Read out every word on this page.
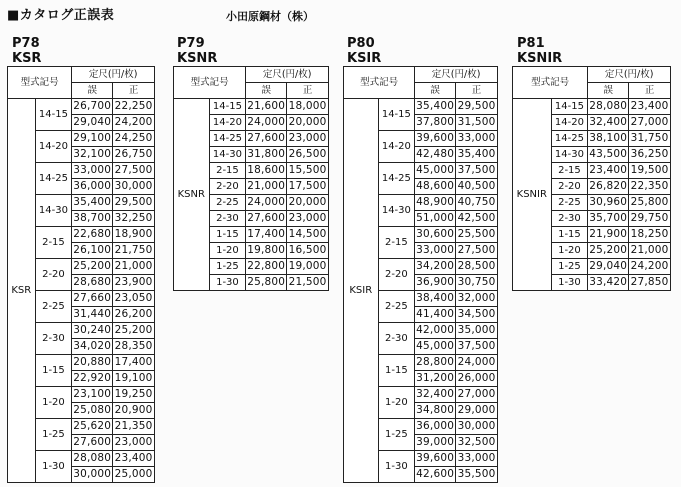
■カタログ正誤表	小田原鋼材（株）
P78
KSR
型式記号		定尺(円/枚)	
		誤	正
KSR	14-15	26,700	22,250
		29,040	24,200
	14-20	29,100	24,250
		32,100	26,750
	14-25	33,000	27,500
		36,000	30,000
	14-30	35,400	29,500
		38,700	32,250
	2-15	22,680	18,900
		26,100	21,750
	2-20	25,200	21,000
		28,680	23,900
	2-25	27,660	23,050
		31,440	26,200
	2-30	30,240	25,200
		34,020	28,350
	1-15	20,880	17,400
		22,920	19,100
	1-20	23,100	19,250
		25,080	20,900
	1-25	25,620	21,350
		27,600	23,000
	1-30	28,080	23,400
		30,000	25,000
P79
KSNR
型式記号		定尺(円/枚)	
		誤	正
KSNR	14-15	21,600	18,000
	14-20	24,000	20,000
	14-25	27,600	23,000
	14-30	31,800	26,500
	2-15	18,600	15,500
	2-20	21,000	17,500
	2-25	24,000	20,000
	2-30	27,600	23,000
	1-15	17,400	14,500
	1-20	19,800	16,500
	1-25	22,800	19,000
	1-30	25,800	21,500
P80
KSIR
型式記号		定尺(円/枚)	
		誤	正
KSIR	14-15	35,400	29,500
		37,800	31,500
	14-20	39,600	33,000
		42,480	35,400
	14-25	45,000	37,500
		48,600	40,500
	14-30	48,900	40,750
		51,000	42,500
	2-15	30,600	25,500
		33,000	27,500
	2-20	34,200	28,500
		36,900	30,750
	2-25	38,400	32,000
		41,400	34,500
	2-30	42,000	35,000
		45,000	37,500
	1-15	28,800	24,000
		31,200	26,000
	1-20	32,400	27,000
		34,800	29,000
	1-25	36,000	30,000
		39,000	32,500
	1-30	39,600	33,000
		42,600	35,500
P81
KSNIR
型式記号		定尺(円/枚)	
		誤	正
KSNIR	14-15	28,080	23,400
	14-20	32,400	27,000
	14-25	38,100	31,750
	14-30	43,500	36,250
	2-15	23,400	19,500
	2-20	26,820	22,350
	2-25	30,960	25,800
	2-30	35,700	29,750
	1-15	21,900	18,250
	1-20	25,200	21,000
	1-25	29,040	24,200
	1-30	33,420	27,850
